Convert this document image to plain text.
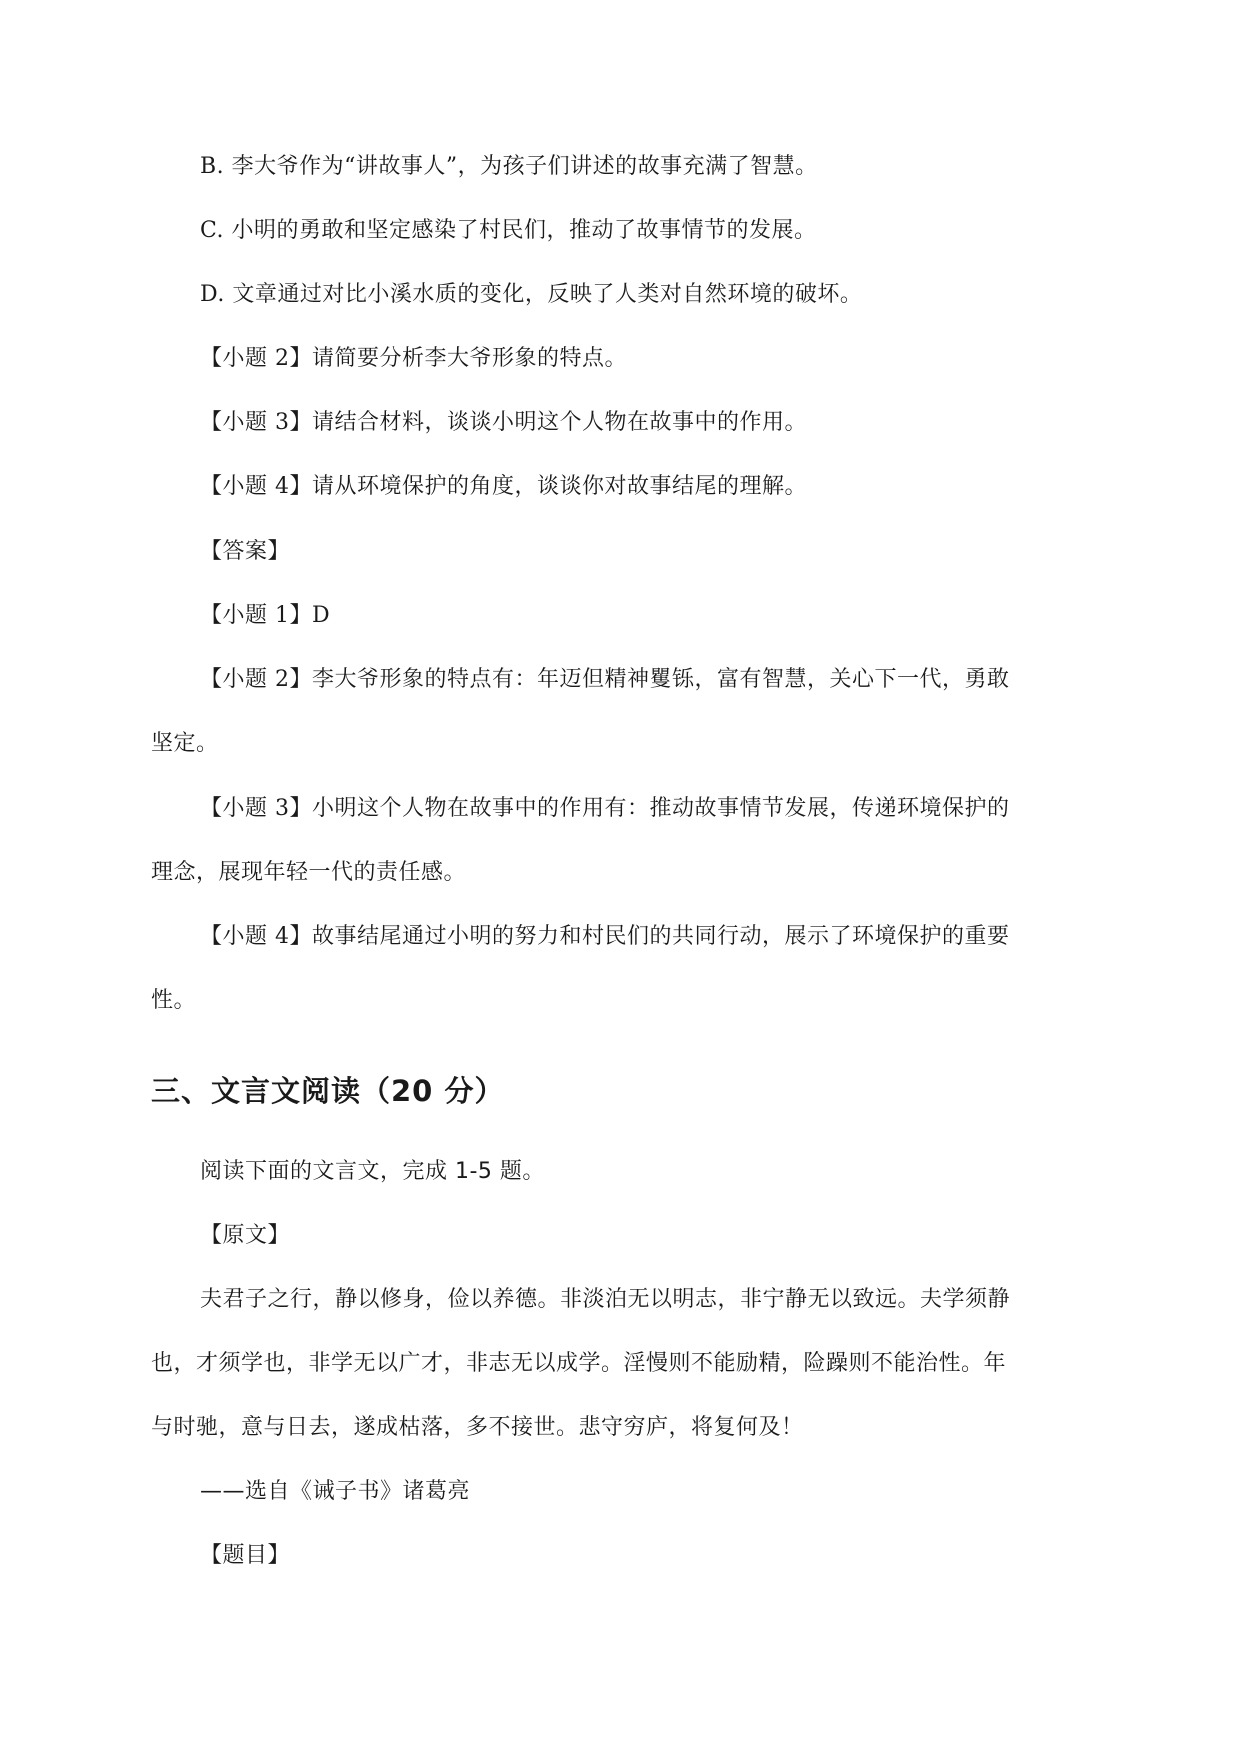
B. 李大爷作为“讲故事人”，为孩子们讲述的故事充满了智慧。
C. 小明的勇敢和坚定感染了村民们，推动了故事情节的发展。
D. 文章通过对比小溪水质的变化，反映了人类对自然环境的破坏。
【小题 2】请简要分析李大爷形象的特点。
【小题 3】请结合材料，谈谈小明这个人物在故事中的作用。
【小题 4】请从环境保护的角度，谈谈你对故事结尾的理解。
【答案】
【小题 1】D
【小题 2】李大爷形象的特点有：年迈但精神矍铄，富有智慧，关心下一代，勇敢
坚定。
【小题 3】小明这个人物在故事中的作用有：推动故事情节发展，传递环境保护的
理念，展现年轻一代的责任感。
【小题 4】故事结尾通过小明的努力和村民们的共同行动，展示了环境保护的重要
性。
三、文言文阅读（20 分）
阅读下面的文言文，完成 1-5 题。
【原文】
夫君子之行，静以修身，俭以养德。非淡泊无以明志，非宁静无以致远。夫学须静
也，才须学也，非学无以广才，非志无以成学。淫慢则不能励精，险躁则不能治性。年
与时驰，意与日去，遂成枯落，多不接世。悲守穷庐，将复何及！
——选自《诫子书》诸葛亮
【题目】
